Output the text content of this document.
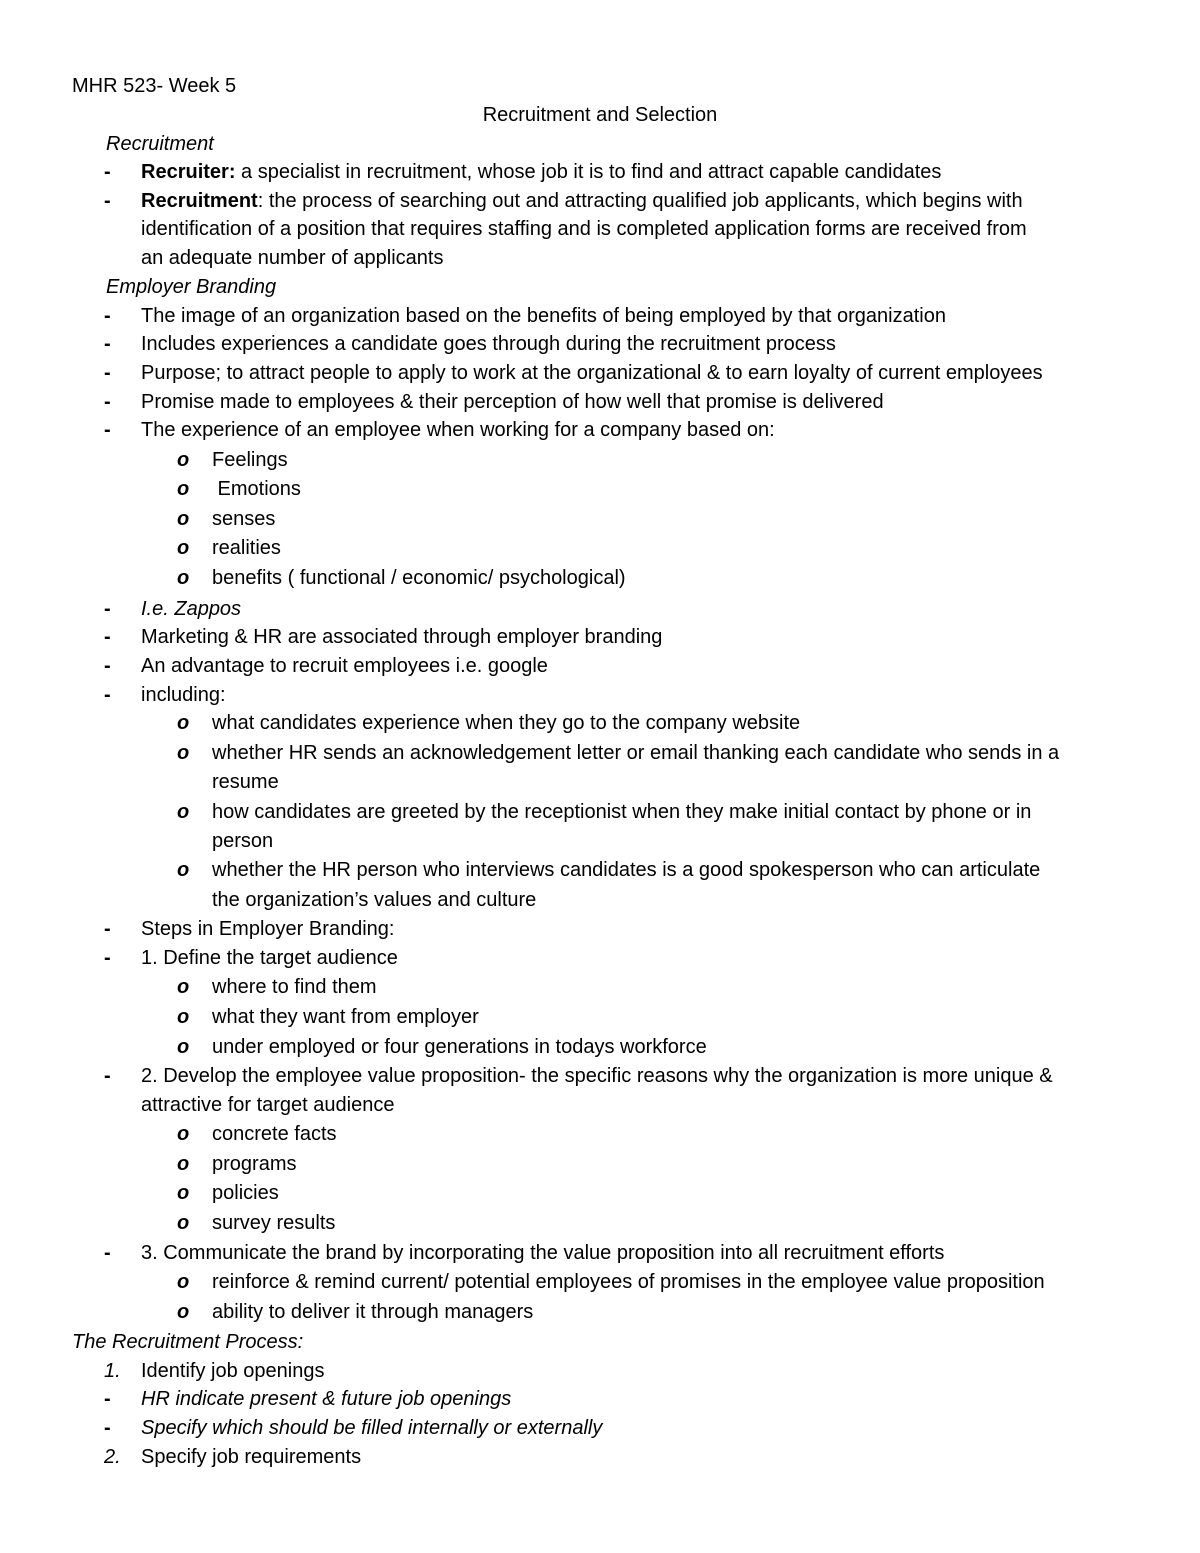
MHR 523- Week 5
Recruitment and Selection
Recruitment
- Recruiter: a specialist in recruitment, whose job it is to find and attract capable candidates
- Recruitment: the process of searching out and attracting qualified job applicants, which begins with
identification of a position that requires staffing and is completed application forms are received from
an adequate number of applicants
Employer Branding
- The image of an organization based on the benefits of being employed by that organization
- Includes experiences a candidate goes through during the recruitment process
- Purpose; to attract people to apply to work at the organizational & to earn loyalty of current employees
- Promise made to employees & their perception of how well that promise is delivered
- The experience of an employee when working for a company based on:
o Feelings
o Emotions
o senses
o realities
o benefits ( functional / economic/ psychological)
- I.e. Zappos
- Marketing & HR are associated through employer branding
- An advantage to recruit employees i.e. google
- including:
o what candidates experience when they go to the company website
o whether HR sends an acknowledgement letter or email thanking each candidate who sends in a
resume
o how candidates are greeted by the receptionist when they make initial contact by phone or in
person
o whether the HR person who interviews candidates is a good spokesperson who can articulate
the organization’s values and culture
- Steps in Employer Branding:
- 1. Define the target audience
o where to find them
o what they want from employer
o under employed or four generations in todays workforce
- 2. Develop the employee value proposition- the specific reasons why the organization is more unique &
attractive for target audience
o concrete facts
o programs
o policies
o survey results
- 3. Communicate the brand by incorporating the value proposition into all recruitment efforts
o reinforce & remind current/ potential employees of promises in the employee value proposition
o ability to deliver it through managers
The Recruitment Process:
1. Identify job openings
- HR indicate present & future job openings
- Specify which should be filled internally or externally
2. Specify job requirements
